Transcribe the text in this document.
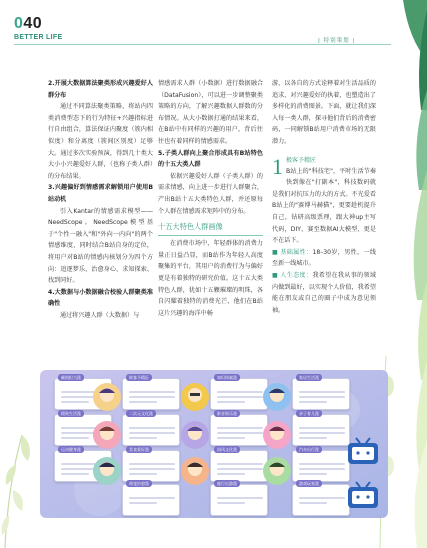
040
BETTER LIFE	| 特别策划 |

2.开展大数据算法聚类形成兴趣爱好人群分布

通过不同算法聚类策略，将站内四类消费型态下的行为特征+兴趣指标进行自由组合，算法保证内聚度（簇内相似度）和分离度（簇间区别度）足够大。通过多次实验预演，得到几十类大大小小兴趣爱好人群，（也称子类人群）的分布结果。

3.兴趣偏好到情感需求解锁用户使用B站动机

引入Kantar的情感需求模型——NeedScope。NeedScope模型基于"个性一融入"和"外向一内向"的两个情感维度，同时结合B站自身的定位，将用户对B站的情感内核划分为四个方向：追逐梦乐、治愈身心、求知探索、找到同好。

4.大数据与小数据融合校验人群聚类准确性

通过将兴趣人群（大数据）与

情感需求人群（小数据）进行数据融合（DataFusion），可以进一步调整聚类策略的方向，了解兴趣数据人群数的分布情况。从大小数据打通的结果来看，在B站中有同样的兴趣的用户，背后往往也有着同样的情感需求。

5.子类人群向上聚合形成具有B站特色的十五大类人群

依据兴趣爱好人群（子类人群）的需求情感，向上进一步进行人群聚合，产出B站十五大类特色人群，并还原每个人群在情感需求矩阵中的分布。

十五大特色人群画像

在消费市场中，年轻群体的消费力量正日益凸显，而B站作为年轻人高度聚集的平台，其用户的消费行为与偏好更是有着独特的研究价值。这十五大类特色人群，犹如十五颗璀璨的明珠，各自闪耀着独特的消费光芒，他们在B站这片兴趣的海洋中畅

游，以各自的方式诠释着对生活品质的追求、对兴趣爱好的执着，也塑造出了多样化的消费图景。下面，就让我们深入每一类人群，探寻他们背后的消费密码，一同解锁B站用户消费市场的无限潜力。

1 极客予精匠

B站上的"科技宅"，平时生活节奏快到像在"打副本"，科技数码就是我们对抗压力的大的方式。不光爱看B站上的"赛博马赫猫"，更要趁机提升自己，钻研高级票理，跟大神up主写代码，DIY，赛至数据AI大模型，更是不在话下。

■ 基础属性：18–30岁，男性，一线至新一线城市。

■ 人生态度：我希望在我从事的领域内做到最好，以实现个人价值，我希望能在朋友或自己的圈子中成为意见领袖。

颜值担当派
精致生活派
运动健身派
极客予精匠
二次元文化派
美食爱好派
萌宠治愈派
知识探索派
影音娱乐派
国风文化派
旅行出游派
家居生活派
亲子育儿派
汽车出行派
游戏玩家派
